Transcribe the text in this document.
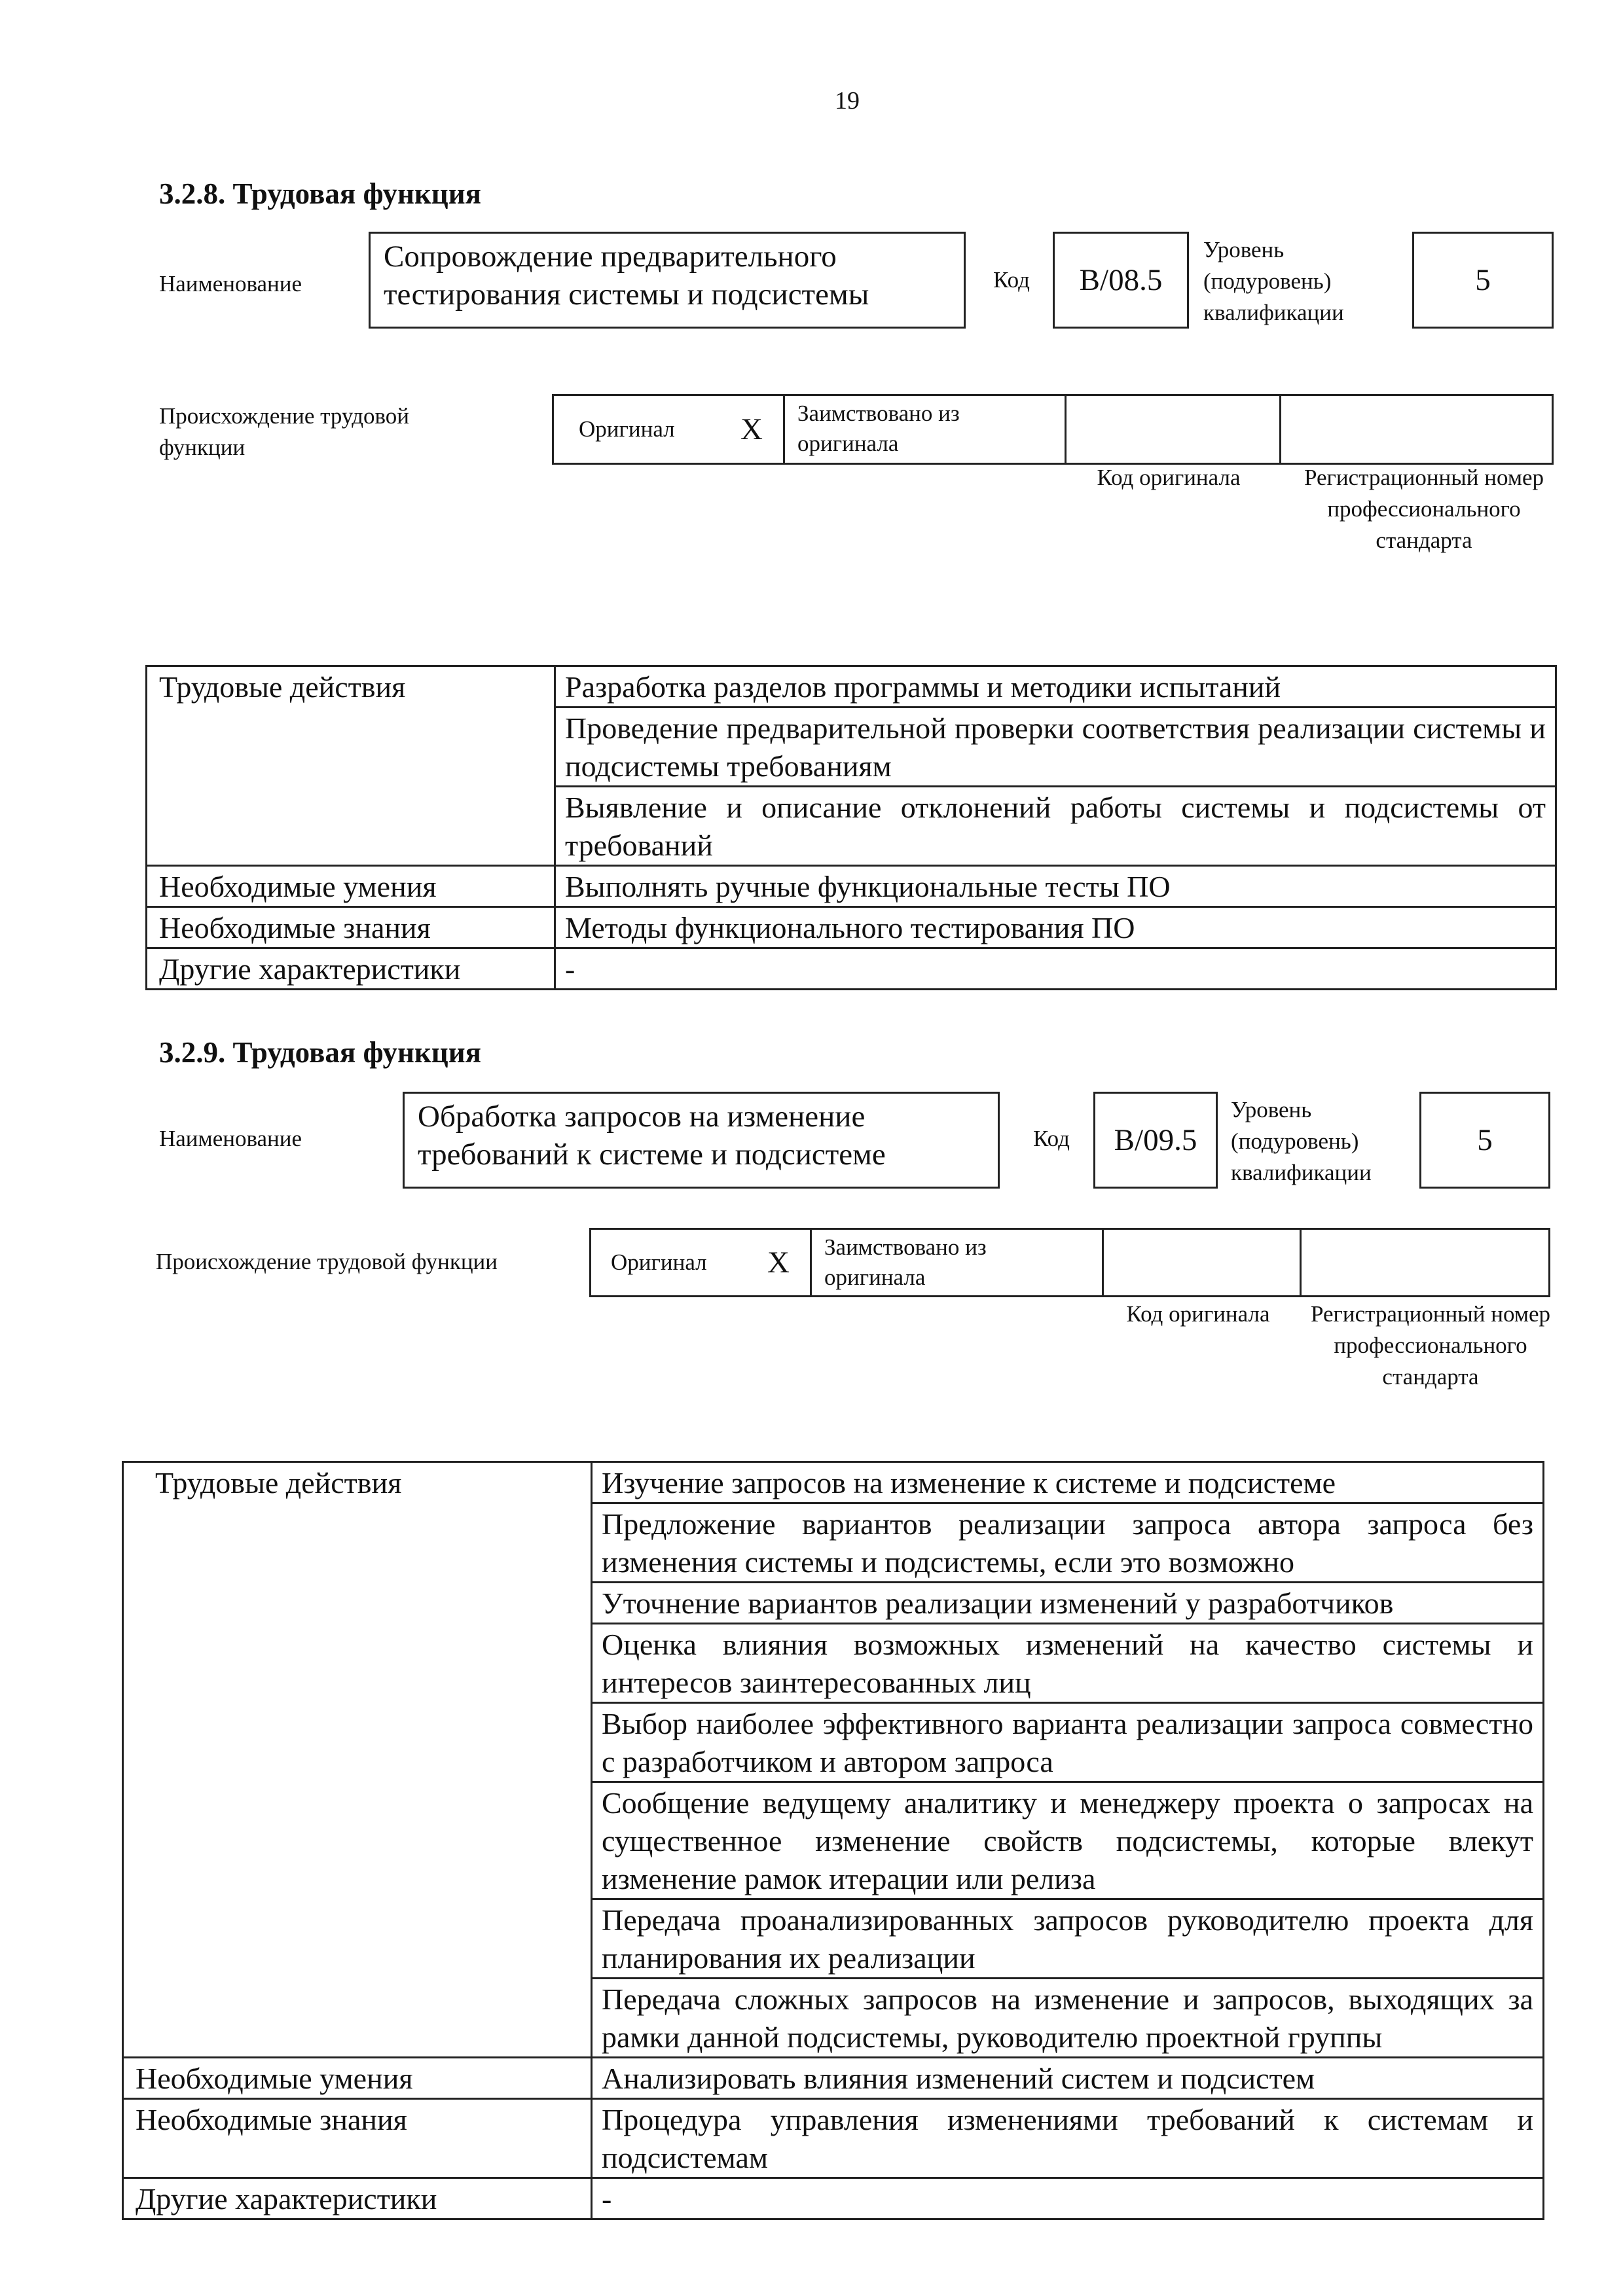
19
3.2.8. Трудовая функция
Наименование
Сопровождение предварительного тестирования системы и подсистемы	Код B/08.5
Уровень (подуровень) квалификации
5
Происхождение трудовой функции
Оригинал X Заимствовано из оригинала
Код оригинала	Регистрационный номер профессионального стандарта
Трудовые действия	Разработка разделов программы и методики испытаний
	Проведение предварительной проверки соответствия реализации системы и подсистемы требованиям
	Выявление и описание отклонений работы системы и подсистемы от требований
Необходимые умения	Выполнять ручные функциональные тесты ПО
Необходимые знания	Методы функционального тестирования ПО
Другие характеристики	-
3.2.9. Трудовая функция
Наименование
Обработка запросов на изменение требований к системе и подсистеме	Код B/09.5
Уровень (подуровень) квалификации
5
Происхождение трудовой функции	Оригинал X Заимствовано из оригинала
Код оригинала Регистрационный номер профессионального стандарта
Трудовые действия	Изучение запросов на изменение к системе и подсистеме
	Предложение вариантов реализации запроса автора запроса без изменения системы и подсистемы, если это возможно
	Уточнение вариантов реализации изменений у разработчиков
	Оценка влияния возможных изменений на качество системы и интересов заинтересованных лиц
	Выбор наиболее эффективного варианта реализации запроса совместно с разработчиком и автором запроса
	Сообщение ведущему аналитику и менеджеру проекта о запросах на существенное изменение свойств подсистемы, которые влекут изменение рамок итерации или релиза
	Передача проанализированных запросов руководителю проекта для планирования их реализации
	Передача сложных запросов на изменение и запросов, выходящих за рамки данной подсистемы, руководителю проектной группы
Необходимые умения	Анализировать влияния изменений систем и подсистем
Необходимые знания	Процедура управления изменениями требований к системам и подсистемам
Другие характеристики	-
